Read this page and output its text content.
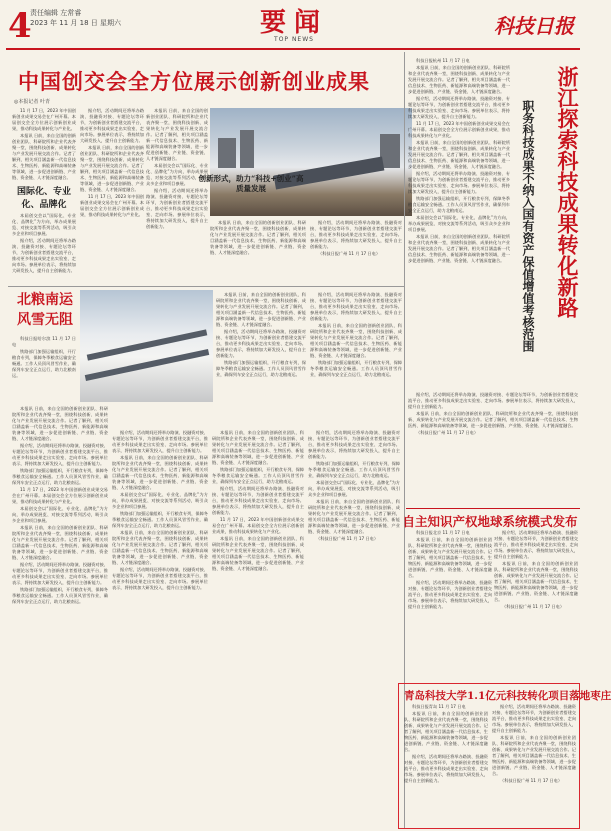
4
责任编辑 左常睿
2023 年 11 月 18 日 星期六	要闻
TOP NEWS
科技日报
中国创交会全方位展示创新创业成果
◎本报记者 叶青

11 月 17 日，2023 年中国创新创业成果交易会在广州开幕。本届创交会全方位展示创新创业成果，推动科技成果转化与产业化。

本报讯 日前，来自全国的创新创业团队、科研院所和企业代表齐聚一堂，围绕科技创新、成果转化与产业发展开展交流合作。记者了解到，相关项目涵盖新一代信息技术、生物医药、新能源和高端装备等领域，进一步促进创新链、产业链、资金链、人才链深度融合。

国际化、专业化、品牌化

本届创交会以“国际化、专业化、品牌化”为方向，举办成果展览、对接交流等系列活动，吸引众多企业和项目参展。

据介绍，活动期间还将举办路演、投融资对接、专题论坛等环节，为创新创业者搭建交流平台，推动更多科技成果走出实验室、走向市场。参展单位表示，将持续加大研发投入，提升自主创新能力。

据介绍，活动期间还将举办路演、投融资对接、专题论坛等环节，为创新创业者搭建交流平台，推动更多科技成果走出实验室、走向市场。参展单位表示，将持续加大研发投入，提升自主创新能力。

本报讯 日前，来自全国的创新创业团队、科研院所和企业代表齐聚一堂，围绕科技创新、成果转化与产业发展开展交流合作。记者了解到，相关项目涵盖新一代信息技术、生物医药、新能源和高端装备等领域，进一步促进创新链、产业链、资金链、人才链深度融合。

11 月 17 日，2023 年中国创新创业成果交易会在广州开幕。本届创交会全方位展示创新创业成果，推动科技成果转化与产业化。

本报讯 日前，来自全国的创新创业团队、科研院所和企业代表齐聚一堂，围绕科技创新、成果转化与产业发展开展交流合作。记者了解到，相关项目涵盖新一代信息技术、生物医药、新能源和高端装备等领域，进一步促进创新链、产业链、资金链、人才链深度融合。

本届创交会以“国际化、专业化、品牌化”为方向，举办成果展览、对接交流等系列活动，吸引众多企业和项目参展。

据介绍，活动期间还将举办路演、投融资对接、专题论坛等环节，为创新创业者搭建交流平台，推动更多科技成果走出实验室、走向市场。参展单位表示，将持续加大研发投入，提升自主创新能力。

创新形式，助力“科技+创业”高质量发展

本报讯 日前，来自全国的创新创业团队、科研院所和企业代表齐聚一堂，围绕科技创新、成果转化与产业发展开展交流合作。记者了解到，相关项目涵盖新一代信息技术、生物医药、新能源和高端装备等领域，进一步促进创新链、产业链、资金链、人才链深度融合。

据介绍，活动期间还将举办路演、投融资对接、专题论坛等环节，为创新创业者搭建交流平台，推动更多科技成果走出实验室、走向市场。参展单位表示，将持续加大研发投入，提升自主创新能力。

（科技日报广州 11 月 17 日电）

北粮南运风雪无阻

科技日报哈尔滨 11 月 17 日电

铁路部门加强运输组织，开行粮食专列，保障冬季粮食运输安全畅通。工作人员顶风冒雪作业，确保列车安全正点运行，助力北粮南运。

本报讯 日前，来自全国的创新创业团队、科研院所和企业代表齐聚一堂，围绕科技创新、成果转化与产业发展开展交流合作。记者了解到，相关项目涵盖新一代信息技术、生物医药、新能源和高端装备等领域，进一步促进创新链、产业链、资金链、人才链深度融合。

据介绍，活动期间还将举办路演、投融资对接、专题论坛等环节，为创新创业者搭建交流平台，推动更多科技成果走出实验室、走向市场。参展单位表示，将持续加大研发投入，提升自主创新能力。

铁路部门加强运输组织，开行粮食专列，保障冬季粮食运输安全畅通。工作人员顶风冒雪作业，确保列车安全正点运行，助力北粮南运。

据介绍，活动期间还将举办路演、投融资对接、专题论坛等环节，为创新创业者搭建交流平台，推动更多科技成果走出实验室、走向市场。参展单位表示，将持续加大研发投入，提升自主创新能力。

本报讯 日前，来自全国的创新创业团队、科研院所和企业代表齐聚一堂，围绕科技创新、成果转化与产业发展开展交流合作。记者了解到，相关项目涵盖新一代信息技术、生物医药、新能源和高端装备等领域，进一步促进创新链、产业链、资金链、人才链深度融合。

铁路部门加强运输组织，开行粮食专列，保障冬季粮食运输安全畅通。工作人员顶风冒雪作业，确保列车安全正点运行，助力北粮南运。

本报讯 日前，来自全国的创新创业团队、科研院所和企业代表齐聚一堂，围绕科技创新、成果转化与产业发展开展交流合作。记者了解到，相关项目涵盖新一代信息技术、生物医药、新能源和高端装备等领域，进一步促进创新链、产业链、资金链、人才链深度融合。

据介绍，活动期间还将举办路演、投融资对接、专题论坛等环节，为创新创业者搭建交流平台，推动更多科技成果走出实验室、走向市场。参展单位表示，将持续加大研发投入，提升自主创新能力。

铁路部门加强运输组织，开行粮食专列，保障冬季粮食运输安全畅通。工作人员顶风冒雪作业，确保列车安全正点运行，助力北粮南运。

11 月 17 日，2023 年中国创新创业成果交易会在广州开幕。本届创交会全方位展示创新创业成果，推动科技成果转化与产业化。

本届创交会以“国际化、专业化、品牌化”为方向，举办成果展览、对接交流等系列活动，吸引众多企业和项目参展。

本报讯 日前，来自全国的创新创业团队、科研院所和企业代表齐聚一堂，围绕科技创新、成果转化与产业发展开展交流合作。记者了解到，相关项目涵盖新一代信息技术、生物医药、新能源和高端装备等领域，进一步促进创新链、产业链、资金链、人才链深度融合。

据介绍，活动期间还将举办路演、投融资对接、专题论坛等环节，为创新创业者搭建交流平台，推动更多科技成果走出实验室、走向市场。参展单位表示，将持续加大研发投入，提升自主创新能力。

铁路部门加强运输组织，开行粮食专列，保障冬季粮食运输安全畅通。工作人员顶风冒雪作业，确保列车安全正点运行，助力北粮南运。

据介绍，活动期间还将举办路演、投融资对接、专题论坛等环节，为创新创业者搭建交流平台，推动更多科技成果走出实验室、走向市场。参展单位表示，将持续加大研发投入，提升自主创新能力。

本报讯 日前，来自全国的创新创业团队、科研院所和企业代表齐聚一堂，围绕科技创新、成果转化与产业发展开展交流合作。记者了解到，相关项目涵盖新一代信息技术、生物医药、新能源和高端装备等领域，进一步促进创新链、产业链、资金链、人才链深度融合。

本届创交会以“国际化、专业化、品牌化”为方向，举办成果展览、对接交流等系列活动，吸引众多企业和项目参展。

铁路部门加强运输组织，开行粮食专列，保障冬季粮食运输安全畅通。工作人员顶风冒雪作业，确保列车安全正点运行，助力北粮南运。

本报讯 日前，来自全国的创新创业团队、科研院所和企业代表齐聚一堂，围绕科技创新、成果转化与产业发展开展交流合作。记者了解到，相关项目涵盖新一代信息技术、生物医药、新能源和高端装备等领域，进一步促进创新链、产业链、资金链、人才链深度融合。

据介绍，活动期间还将举办路演、投融资对接、专题论坛等环节，为创新创业者搭建交流平台，推动更多科技成果走出实验室、走向市场。参展单位表示，将持续加大研发投入，提升自主创新能力。

本报讯 日前，来自全国的创新创业团队、科研院所和企业代表齐聚一堂，围绕科技创新、成果转化与产业发展开展交流合作。记者了解到，相关项目涵盖新一代信息技术、生物医药、新能源和高端装备等领域，进一步促进创新链、产业链、资金链、人才链深度融合。

铁路部门加强运输组织，开行粮食专列，保障冬季粮食运输安全畅通。工作人员顶风冒雪作业，确保列车安全正点运行，助力北粮南运。

据介绍，活动期间还将举办路演、投融资对接、专题论坛等环节，为创新创业者搭建交流平台，推动更多科技成果走出实验室、走向市场。参展单位表示，将持续加大研发投入，提升自主创新能力。

11 月 17 日，2023 年中国创新创业成果交易会在广州开幕。本届创交会全方位展示创新创业成果，推动科技成果转化与产业化。

本报讯 日前，来自全国的创新创业团队、科研院所和企业代表齐聚一堂，围绕科技创新、成果转化与产业发展开展交流合作。记者了解到，相关项目涵盖新一代信息技术、生物医药、新能源和高端装备等领域，进一步促进创新链、产业链、资金链、人才链深度融合。

据介绍，活动期间还将举办路演、投融资对接、专题论坛等环节，为创新创业者搭建交流平台，推动更多科技成果走出实验室、走向市场。参展单位表示，将持续加大研发投入，提升自主创新能力。

铁路部门加强运输组织，开行粮食专列，保障冬季粮食运输安全畅通。工作人员顶风冒雪作业，确保列车安全正点运行，助力北粮南运。

本届创交会以“国际化、专业化、品牌化”为方向，举办成果展览、对接交流等系列活动，吸引众多企业和项目参展。

本报讯 日前，来自全国的创新创业团队、科研院所和企业代表齐聚一堂，围绕科技创新、成果转化与产业发展开展交流合作。记者了解到，相关项目涵盖新一代信息技术、生物医药、新能源和高端装备等领域，进一步促进创新链、产业链、资金链、人才链深度融合。

（科技日报广州 11 月 17 日电）

浙江探索科技成果转化新路
职务科技成果不纳入国有资产保值增值考核范围

科技日报杭州 11 月 17 日电

本报讯 日前，来自全国的创新创业团队、科研院所和企业代表齐聚一堂，围绕科技创新、成果转化与产业发展开展交流合作。记者了解到，相关项目涵盖新一代信息技术、生物医药、新能源和高端装备等领域，进一步促进创新链、产业链、资金链、人才链深度融合。

据介绍，活动期间还将举办路演、投融资对接、专题论坛等环节，为创新创业者搭建交流平台，推动更多科技成果走出实验室、走向市场。参展单位表示，将持续加大研发投入，提升自主创新能力。

11 月 17 日，2023 年中国创新创业成果交易会在广州开幕。本届创交会全方位展示创新创业成果，推动科技成果转化与产业化。

本报讯 日前，来自全国的创新创业团队、科研院所和企业代表齐聚一堂，围绕科技创新、成果转化与产业发展开展交流合作。记者了解到，相关项目涵盖新一代信息技术、生物医药、新能源和高端装备等领域，进一步促进创新链、产业链、资金链、人才链深度融合。

据介绍，活动期间还将举办路演、投融资对接、专题论坛等环节，为创新创业者搭建交流平台，推动更多科技成果走出实验室、走向市场。参展单位表示，将持续加大研发投入，提升自主创新能力。

铁路部门加强运输组织，开行粮食专列，保障冬季粮食运输安全畅通。工作人员顶风冒雪作业，确保列车安全正点运行，助力北粮南运。

本届创交会以“国际化、专业化、品牌化”为方向，举办成果展览、对接交流等系列活动，吸引众多企业和项目参展。

本报讯 日前，来自全国的创新创业团队、科研院所和企业代表齐聚一堂，围绕科技创新、成果转化与产业发展开展交流合作。记者了解到，相关项目涵盖新一代信息技术、生物医药、新能源和高端装备等领域，进一步促进创新链、产业链、资金链、人才链深度融合。

据介绍，活动期间还将举办路演、投融资对接、专题论坛等环节，为创新创业者搭建交流平台，推动更多科技成果走出实验室、走向市场。参展单位表示，将持续加大研发投入，提升自主创新能力。

本报讯 日前，来自全国的创新创业团队、科研院所和企业代表齐聚一堂，围绕科技创新、成果转化与产业发展开展交流合作。记者了解到，相关项目涵盖新一代信息技术、生物医药、新能源和高端装备等领域，进一步促进创新链、产业链、资金链、人才链深度融合。

（科技日报广州 11 月 17 日电）

自主知识产权地球系统模式发布

科技日报北京 11 月 17 日电

本报讯 日前，来自全国的创新创业团队、科研院所和企业代表齐聚一堂，围绕科技创新、成果转化与产业发展开展交流合作。记者了解到，相关项目涵盖新一代信息技术、生物医药、新能源和高端装备等领域，进一步促进创新链、产业链、资金链、人才链深度融合。

据介绍，活动期间还将举办路演、投融资对接、专题论坛等环节，为创新创业者搭建交流平台，推动更多科技成果走出实验室、走向市场。参展单位表示，将持续加大研发投入，提升自主创新能力。

据介绍，活动期间还将举办路演、投融资对接、专题论坛等环节，为创新创业者搭建交流平台，推动更多科技成果走出实验室、走向市场。参展单位表示，将持续加大研发投入，提升自主创新能力。

本报讯 日前，来自全国的创新创业团队、科研院所和企业代表齐聚一堂，围绕科技创新、成果转化与产业发展开展交流合作。记者了解到，相关项目涵盖新一代信息技术、生物医药、新能源和高端装备等领域，进一步促进创新链、产业链、资金链、人才链深度融合。

（科技日报广州 11 月 17 日电）

青岛科技大学1.1亿元科技转化项目落地枣庄

科技日报青岛 11 月 17 日电

本报讯 日前，来自全国的创新创业团队、科研院所和企业代表齐聚一堂，围绕科技创新、成果转化与产业发展开展交流合作。记者了解到，相关项目涵盖新一代信息技术、生物医药、新能源和高端装备等领域，进一步促进创新链、产业链、资金链、人才链深度融合。

据介绍，活动期间还将举办路演、投融资对接、专题论坛等环节，为创新创业者搭建交流平台，推动更多科技成果走出实验室、走向市场。参展单位表示，将持续加大研发投入，提升自主创新能力。

据介绍，活动期间还将举办路演、投融资对接、专题论坛等环节，为创新创业者搭建交流平台，推动更多科技成果走出实验室、走向市场。参展单位表示，将持续加大研发投入，提升自主创新能力。

本报讯 日前，来自全国的创新创业团队、科研院所和企业代表齐聚一堂，围绕科技创新、成果转化与产业发展开展交流合作。记者了解到，相关项目涵盖新一代信息技术、生物医药、新能源和高端装备等领域，进一步促进创新链、产业链、资金链、人才链深度融合。

（科技日报广州 11 月 17 日电）
